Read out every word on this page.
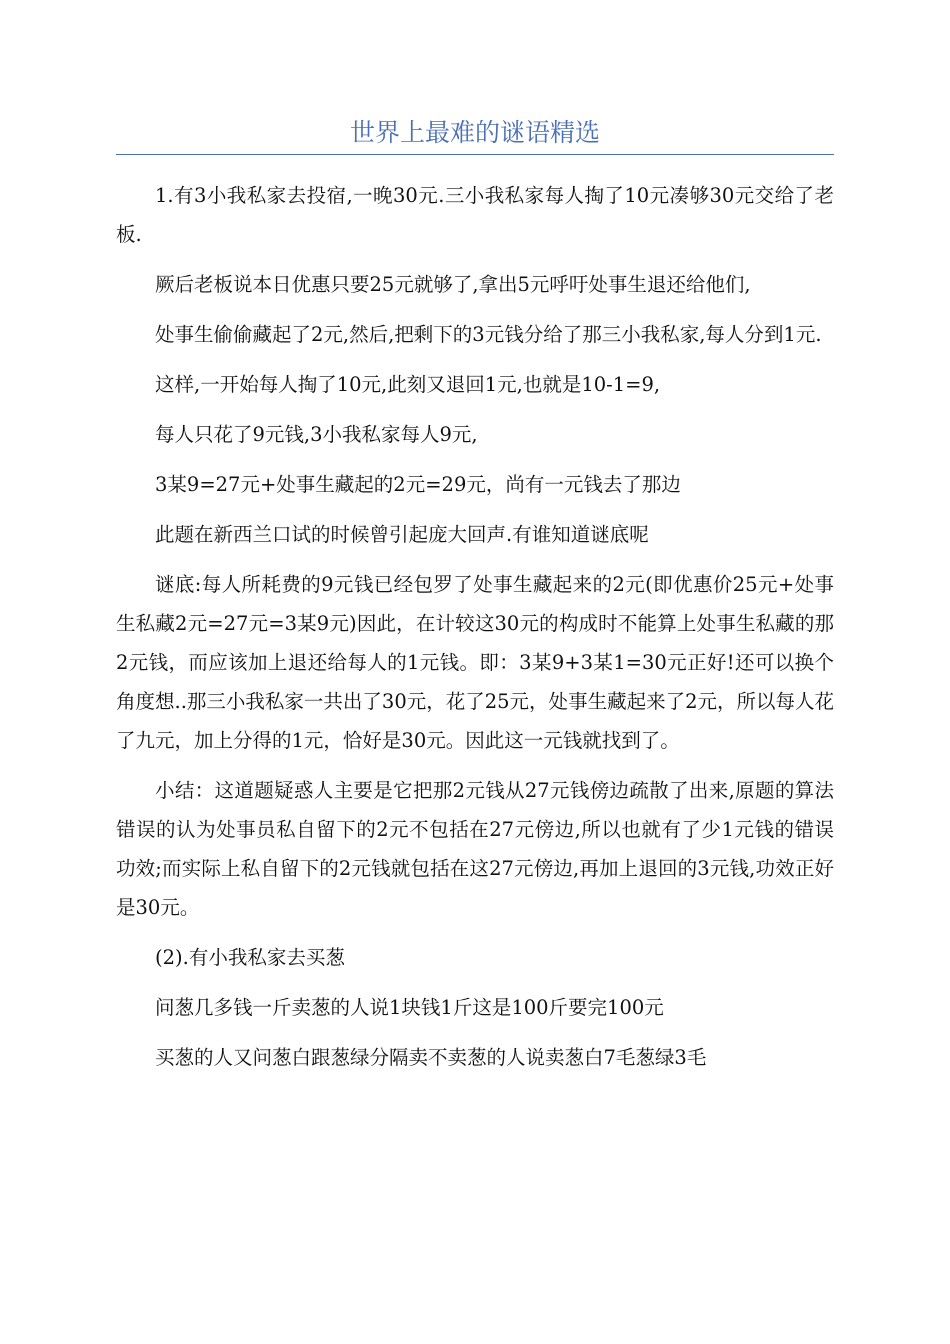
世界上最难的谜语精选

1.有3小我私家去投宿,一晚30元.三小我私家每人掏了10元凑够30元交给了老板.

厥后老板说本日优惠只要25元就够了,拿出5元呼吁处事生退还给他们,

处事生偷偷藏起了2元,然后,把剩下的3元钱分给了那三小我私家,每人分到1元.

这样,一开始每人掏了10元,此刻又退回1元,也就是10-1=9,

每人只花了9元钱,3小我私家每人9元,

3某9=27元+处事生藏起的2元=29元，尚有一元钱去了那边

此题在新西兰口试的时候曾引起庞大回声.有谁知道谜底呢

谜底:每人所耗费的9元钱已经包罗了处事生藏起来的2元(即优惠价25元+处事生私藏2元=27元=3某9元)因此，在计较这30元的构成时不能算上处事生私藏的那2元钱，而应该加上退还给每人的1元钱。即：3某9+3某1=30元正好!还可以换个角度想..那三小我私家一共出了30元，花了25元，处事生藏起来了2元，所以每人花了九元，加上分得的1元，恰好是30元。因此这一元钱就找到了。

小结：这道题疑惑人主要是它把那2元钱从27元钱傍边疏散了出来,原题的算法错误的认为处事员私自留下的2元不包括在27元傍边,所以也就有了少1元钱的错误功效;而实际上私自留下的2元钱就包括在这27元傍边,再加上退回的3元钱,功效正好是30元。

(2).有小我私家去买葱

问葱几多钱一斤卖葱的人说1块钱1斤这是100斤要完100元

买葱的人又问葱白跟葱绿分隔卖不卖葱的人说卖葱白7毛葱绿3毛
